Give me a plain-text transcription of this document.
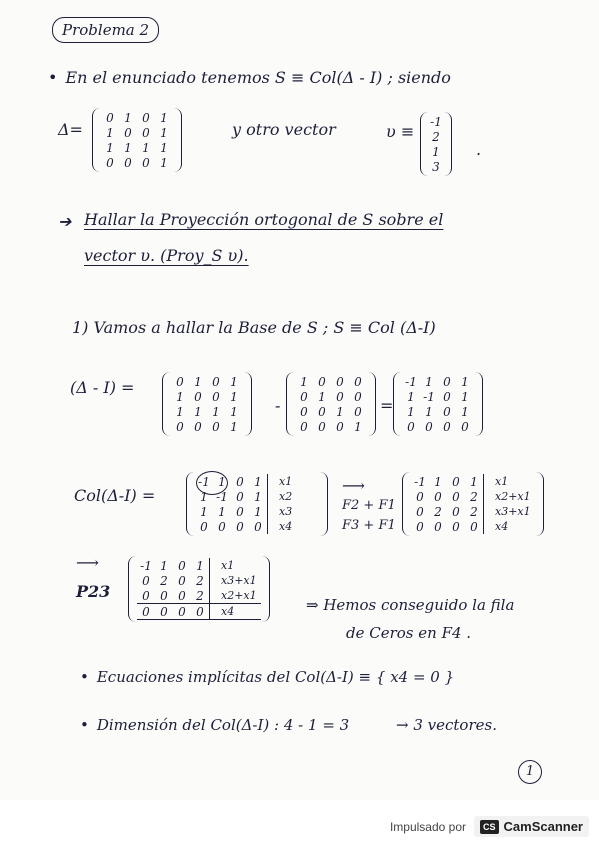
Problema 2
• En el enunciado tenemos S ≡ Col(Δ - I) ; siendo
Δ=
0	1	0	1
1	0	0	1
1	1	1	1
0	0	0	1
y otro vector	υ ≡
-1
2
1
3
.
➔ Hallar la Proyección ortogonal de S sobre el
vector υ. (Proy_S υ).
1) Vamos a hallar la Base de S ; S ≡ Col (Δ-I)
(Δ - I) =	0	1	0	1
1	0	0	1
1	1	1	1
0	0	0	1
-
1	0	0	0
0	1	0	0
0	0	1	0
0	0	0	1
=
-1	1	0	1
1	-1	0	1
1	1	0	1
0	0	0	0
Col(Δ-I) =
-1	1	0	1		x1
1	-1	0	1		x2
1	1	0	1		x3
0	0	0	0		x4
⟶
F2 + F1
F3 + F1
-1	1	0	1		x1
0	0	0	2		x2+x1
0	2	0	2		x3+x1
0	0	0	0		x4
⟶
P23
-1	1	0	1		x1
0	2	0	2		x3+x1
0	0	0	2		x2+x1
0	0	0	0		x4	⇒ Hemos conseguido la fila
de Ceros en F4 .
• Ecuaciones implícitas del Col(Δ-I) ≡ { x4 = 0 }
• Dimensión del Col(Δ-I) : 4 - 1 = 3	→ 3 vectores.
1
Impulsado por	CS CamScanner
